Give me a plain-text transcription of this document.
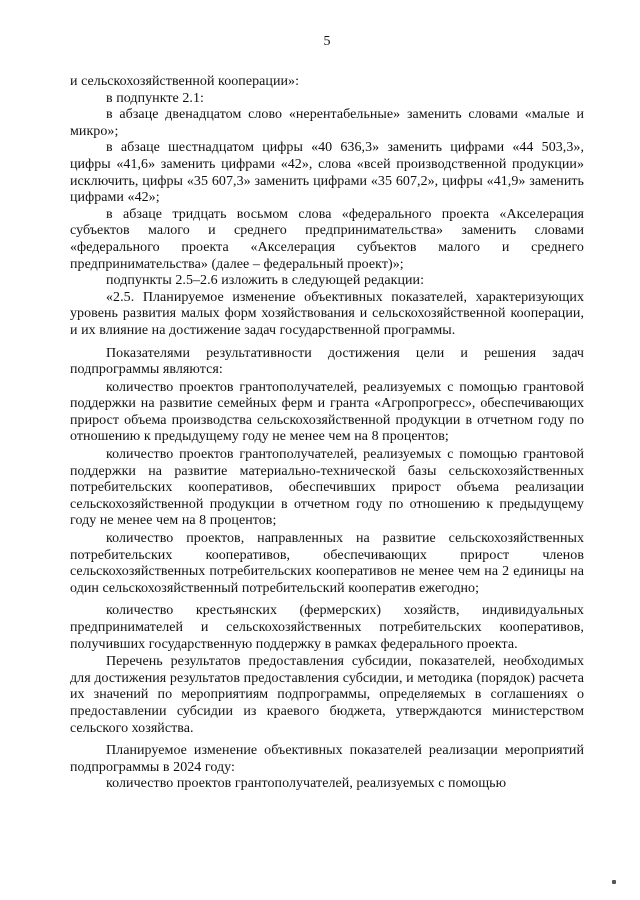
5

и сельскохозяйственной кооперации»:

в подпункте 2.1:

в абзаце двенадцатом слово «нерентабельные» заменить словами «малые и микро»;

в абзаце шестнадцатом цифры «40 636,3» заменить цифрами «44 503,3», цифры «41,6» заменить цифрами «42», слова «всей производственной продукции» исключить, цифры «35 607,3» заменить цифрами «35 607,2», цифры «41,9» заменить цифрами «42»;

в абзаце тридцать восьмом слова «федерального проекта «Акселерация субъектов малого и среднего предпринимательства» заменить словами «федерального проекта «Акселерация субъектов малого и среднего предпринимательства» (далее – федеральный проект)»;

подпункты 2.5–2.6 изложить в следующей редакции:

«2.5. Планируемое изменение объективных показателей, характеризующих уровень развития малых форм хозяйствования и сельскохозяйственной кооперации, и их влияние на достижение задач государственной программы.

Показателями результативности достижения цели и решения задач подпрограммы являются:

количество проектов грантополучателей, реализуемых с помощью грантовой поддержки на развитие семейных ферм и гранта «Агропрогресс», обеспечивающих прирост объема производства сельскохозяйственной продукции в отчетном году по отношению к предыдущему году не менее чем на 8 процентов;

количество проектов грантополучателей, реализуемых с помощью грантовой поддержки на развитие материально-технической базы сельскохозяйственных потребительских кооперативов, обеспечивших прирост объема реализации сельскохозяйственной продукции в отчетном году по отношению к предыдущему году не менее чем на 8 процентов;

количество проектов, направленных на развитие сельскохозяйственных потребительских кооперативов, обеспечивающих прирост членов сельскохозяйственных потребительских кооперативов не менее чем на 2 единицы на один сельскохозяйственный потребительский кооператив ежегодно;

количество крестьянских (фермерских) хозяйств, индивидуальных предпринимателей и сельскохозяйственных потребительских кооперативов, получивших государственную поддержку в рамках федерального проекта.

Перечень результатов предоставления субсидии, показателей, необходимых для достижения результатов предоставления субсидии, и методика (порядок) расчета их значений по мероприятиям подпрограммы, определяемых в соглашениях о предоставлении субсидии из краевого бюджета, утверждаются министерством сельского хозяйства.

Планируемое изменение объективных показателей реализации мероприятий подпрограммы в 2024 году:

количество проектов грантополучателей, реализуемых с помощью
